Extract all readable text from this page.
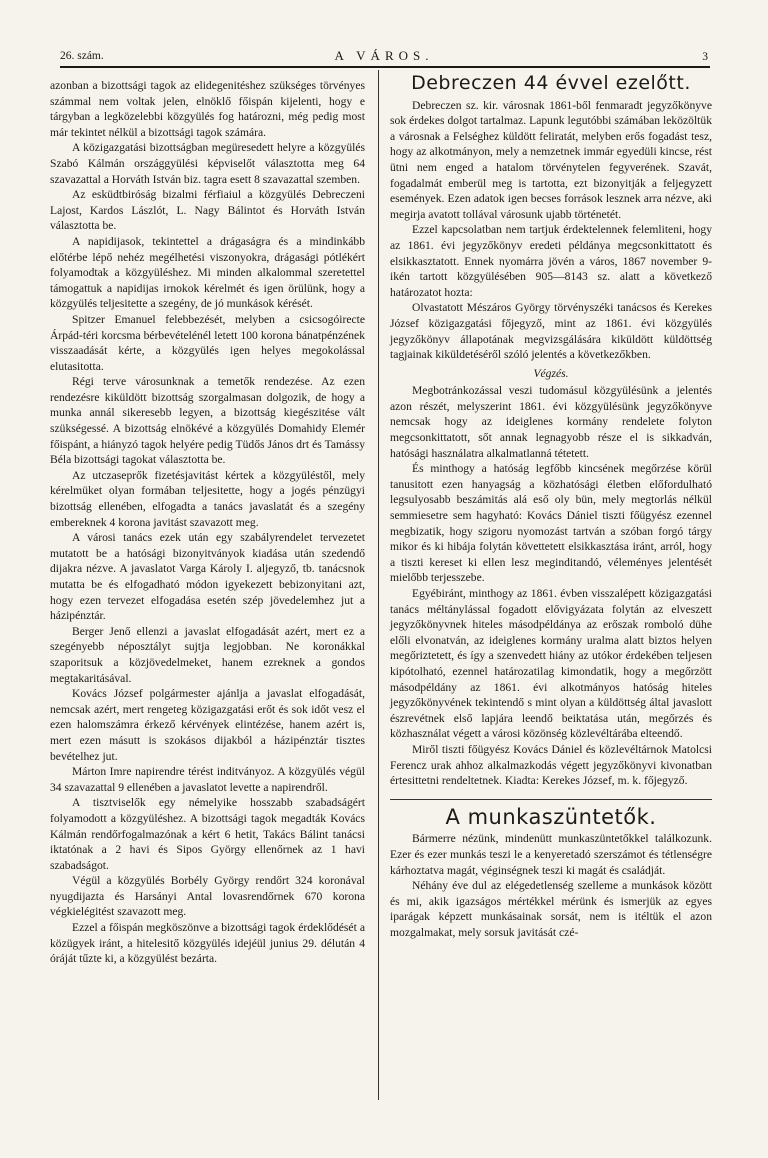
26. szám.	A VÁROS.	3

azonban a bizottsági tagok az elidegenitéshez szükséges törvényes számmal nem voltak jelen, elnöklő főispán kijelenti, hogy e tárgyban a legközelebbi közgyülés fog határozni, még pedig most már tekintet nélkül a bizottsági tagok számára.

A közigazgatási bizottságban megüresedett helyre a közgyülés Szabó Kálmán országgyülési képviselőt választotta meg 64 szavazattal a Horváth István biz. tagra esett 8 szavazattal szemben.

Az esküdtbiróság bizalmi férfiaiul a közgyülés Debreczeni Lajost, Kardos Lászlót, L. Nagy Bálintot és Horváth István választotta be.

A napidijasok, tekintettel a drágaságra és a mindinkább előtérbe lépő nehéz megélhetési viszonyokra, drágasági pótlékért folyamodtak a közgyüléshez. Mi minden alkalommal szeretettel támogattuk a napidijas irnokok kérelmét és igen örülünk, hogy a közgyülés teljesitette a szegény, de jó munkások kérését.

Spitzer Emanuel felebbezését, melyben a csicsogóirecte Árpád-téri korcsma bérbevételénél letett 100 korona bánatpénzének visszaadását kérte, a közgyülés igen helyes megokolással elutasitotta.

Régi terve városunknak a temetők rendezése. Az ezen rendezésre kiküldött bizottság szorgalmasan dolgozik, de hogy a munka annál sikeresebb legyen, a bizottság kiegészitése vált szükségessé. A bizottság elnökévé a közgyülés Domahidy Elemér főispánt, a hiányzó tagok helyére pedig Tüdős János drt és Tamássy Béla bizottsági tagokat választotta be.

Az utczaseprők fizetésjavitást kértek a közgyüléstől, mely kérelmüket olyan formában teljesitette, hogy a jogés pénzügyi bizottság ellenében, elfogadta a tanács javaslatát és a szegény embereknek 4 korona javitást szavazott meg.

A városi tanács ezek után egy szabályrendelet tervezetet mutatott be a hatósági bizonyitványok kiadása után szedendő dijakra nézve. A javaslatot Varga Károly I. aljegyző, tb. tanácsnok mutatta be és elfogadható módon igyekezett bebizonyitani azt, hogy ezen tervezet elfogadása esetén szép jövedelemhez jut a házipénztár.

Berger Jenő ellenzi a javaslat elfogadását azért, mert ez a szegényebb néposztályt sujtja legjobban. Ne koronákkal szaporitsuk a közjövedelmeket, hanem ezreknek a gondos megtakaritásával.

Kovács József polgármester ajánlja a javaslat elfogadását, nemcsak azért, mert rengeteg közigazgatási erőt és sok időt vesz el ezen halomszámra érkező kérvények elintézése, hanem azért is, mert ezen másutt is szokásos dijakból a házipénztár tisztes bevételhez jut.

Márton Imre napirendre térést inditványoz. A közgyülés végül 34 szavazattal 9 ellenében a javaslatot levette a napirendről.

A tisztviselők egy némelyike hosszabb szabadságért folyamodott a közgyüléshez. A bizottsági tagok megadták Kovács Kálmán rendőrfogalmazónak a kért 6 hetit, Takács Bálint tanácsi iktatónak a 2 havi és Sipos György ellenőrnek az 1 havi szabadságot.

Végül a közgyülés Borbély György rendőrt 324 koronával nyugdijazta és Harsányi Antal lovasrendőrnek 670 korona végkielégitést szavazott meg.

Ezzel a főispán megköszönve a bizottsági tagok érdeklődését a közügyek iránt, a hitelesitő közgyülés idejéül junius 29. délután 4 óráját tűzte ki, a közgyülést bezárta.

Debreczen 44 évvel ezelőtt.

Debreczen sz. kir. városnak 1861-ből fenmaradt jegyzőkönyve sok érdekes dolgot tartalmaz. Lapunk legutóbbi számában leközöltük a városnak a Felséghez küldött feliratát, melyben erős fogadást tesz, hogy az alkotmányon, mely a nemzetnek immár egyedüli kincse, rést ütni nem enged a hatalom törvénytelen fegyverének. Szavát, fogadalmát emberül meg is tartotta, ezt bizonyitják a feljegyzett események. Ezen adatok igen becses források lesznek arra nézve, aki megirja avatott tollával városunk ujabb történetét.

Ezzel kapcsolatban nem tartjuk érdektelennek felemliteni, hogy az 1861. évi jegyzőkönyv eredeti példánya megcsonkittatott és elsikkasztatott. Ennek nyomárra jövén a város, 1867 november 9-ikén tartott közgyülésében 905—8143 sz. alatt a következő határozatot hozta:

Olvastatott Mészáros György törvényszéki tanácsos és Kerekes József közigazgatási főjegyző, mint az 1861. évi közgyülés jegyzőkönyv állapotának megvizsgálására kiküldött küldöttség tagjainak kiküldetéséről szóló jelentés a következőkben.

Végzés.

Megbotránkozással veszi tudomásul közgyülésünk a jelentés azon részét, melyszerint 1861. évi közgyülésünk jegyzőkönyve nemcsak hogy az ideiglenes kormány rendelete folyton megcsonkittatott, sőt annak legnagyobb része el is sikkadván, hatósági használatra alkalmatlanná tétetett.

És minthogy a hatóság legfőbb kincsének megőrzése körül tanusitott ezen hanyagság a közhatósági életben előfordulható legsulyosabb beszámitás alá eső oly bün, mely megtorlás nélkül semmiesetre sem hagyható: Kovács Dániel tiszti főügyész ezennel megbizatik, hogy szigoru nyomozást tartván a szóban forgó tárgy mikor és ki hibája folytán követtetett elsikkasztása iránt, arról, hogy a tiszti kereset ki ellen lesz meginditandó, véleményes jelentését mielőbb terjesszebe.

Egyébiránt, minthogy az 1861. évben visszalépett közigazgatási tanács méltánylással fogadott elővigyázata folytán az elveszett jegyzőkönyvnek hiteles másodpéldánya az erőszak romboló dühe előli elvonatván, az ideiglenes kormány uralma alatt biztos helyen megőriztetett, és így a szenvedett hiány az utókor érdekében teljesen kipótolható, ezennel határozatilag kimondatik, hogy a megőrzött másodpéldány az 1861. évi alkotmányos hatóság hiteles jegyzőkönyvének tekintendő s mint olyan a küldöttség által javaslott észrevétnek első lapjára leendő beiktatása után, megőrzés és közhasználat végett a városi közönség közlevéltárába elteendő.

Miről tiszti főügyész Kovács Dániel és közlevéltárnok Matolcsi Ferencz urak ahhoz alkalmazkodás végett jegyzőkönyvi kivonatban értesittetni rendeltetnek. Kiadta: Kerekes József, m. k. főjegyző.

A munkaszüntetők.

Bármerre nézünk, mindenütt munkaszüntetőkkel találkozunk. Ezer és ezer munkás teszi le a kenyeretadó szerszámot és tétlenségre kárhoztatva magát, véginségnek teszi ki magát és családját.

Néhány éve dul az elégedetlenség szelleme a munkások között és mi, akik igazságos mértékkel mérünk és ismerjük az egyes iparágak képzett munkásainak sorsát, nem is itéltük el azon mozgalmakat, mely sorsuk javitását czé-
